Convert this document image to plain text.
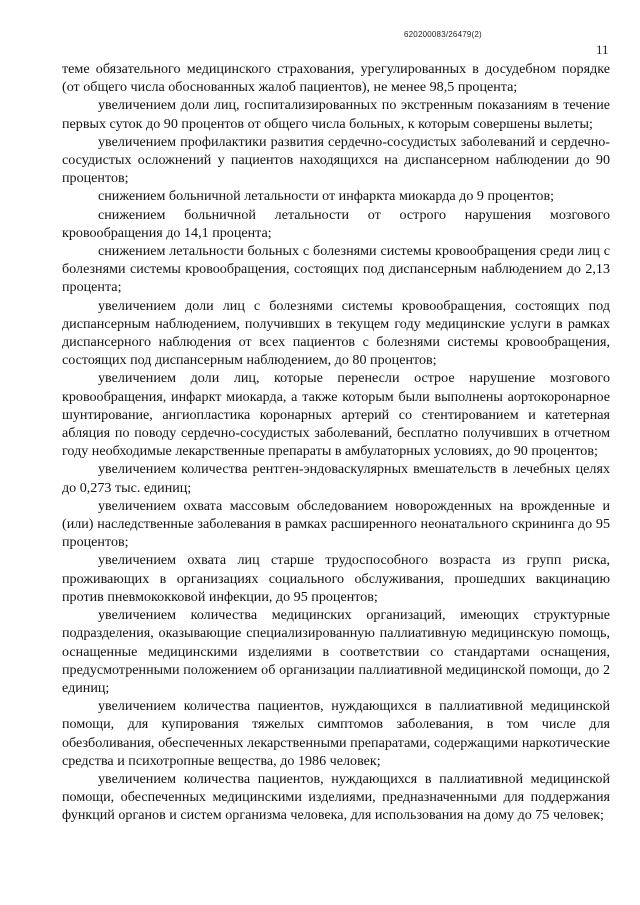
620200083/26479(2)
11

теме обязательного медицинского страхования, урегулированных в досудебном порядке (от общего числа обоснованных жалоб пациентов), не менее 98,5 процента;

увеличением доли лиц, госпитализированных по экстренным показаниям в течение первых суток до 90 процентов от общего числа больных, к которым совершены вылеты;

увеличением профилактики развития сердечно-сосудистых заболеваний и сердечно-сосудистых осложнений у пациентов находящихся на диспансерном наблюдении до 90 процентов;

снижением больничной летальности от инфаркта миокарда до 9 процентов;

снижением больничной летальности от острого нарушения мозгового кровообращения до 14,1 процента;

снижением летальности больных с болезнями системы кровообращения среди лиц с болезнями системы кровообращения, состоящих под диспансерным наблюдением до 2,13 процента;

увеличением доли лиц с болезнями системы кровообращения, состоящих под диспансерным наблюдением, получивших в текущем году медицинские услуги в рамках диспансерного наблюдения от всех пациентов с болезнями системы кровообращения, состоящих под диспансерным наблюдением, до 80 процентов;

увеличением доли лиц, которые перенесли острое нарушение мозгового кровообращения, инфаркт миокарда, а также которым были выполнены аортокоронарное шунтирование, ангиопластика коронарных артерий со стентированием и катетерная абляция по поводу сердечно-сосудистых заболеваний, бесплатно получивших в отчетном году необходимые лекарственные препараты в амбулаторных условиях, до 90 процентов;

увеличением количества рентген-эндоваскулярных вмешательств в лечебных целях до 0,273 тыс. единиц;

увеличением охвата массовым обследованием новорожденных на врожденные и (или) наследственные заболевания в рамках расширенного неонатального скрининга до 95 процентов;

увеличением охвата лиц старше трудоспособного возраста из групп риска, проживающих в организациях социального обслуживания, прошедших вакцинацию против пневмококковой инфекции, до 95 процентов;

увеличением количества медицинских организаций, имеющих структурные подразделения, оказывающие специализированную паллиативную медицинскую помощь, оснащенные медицинскими изделиями в соответствии со стандартами оснащения, предусмотренными положением об организации паллиативной медицинской помощи, до 2 единиц;

увеличением количества пациентов, нуждающихся в паллиативной медицинской помощи, для купирования тяжелых симптомов заболевания, в том числе для обезболивания, обеспеченных лекарственными препаратами, содержащими наркотические средства и психотропные вещества, до 1986 человек;

увеличением количества пациентов, нуждающихся в паллиативной медицинской помощи, обеспеченных медицинскими изделиями, предназначенными для поддержания функций органов и систем организма человека, для использования на дому до 75 человек;
